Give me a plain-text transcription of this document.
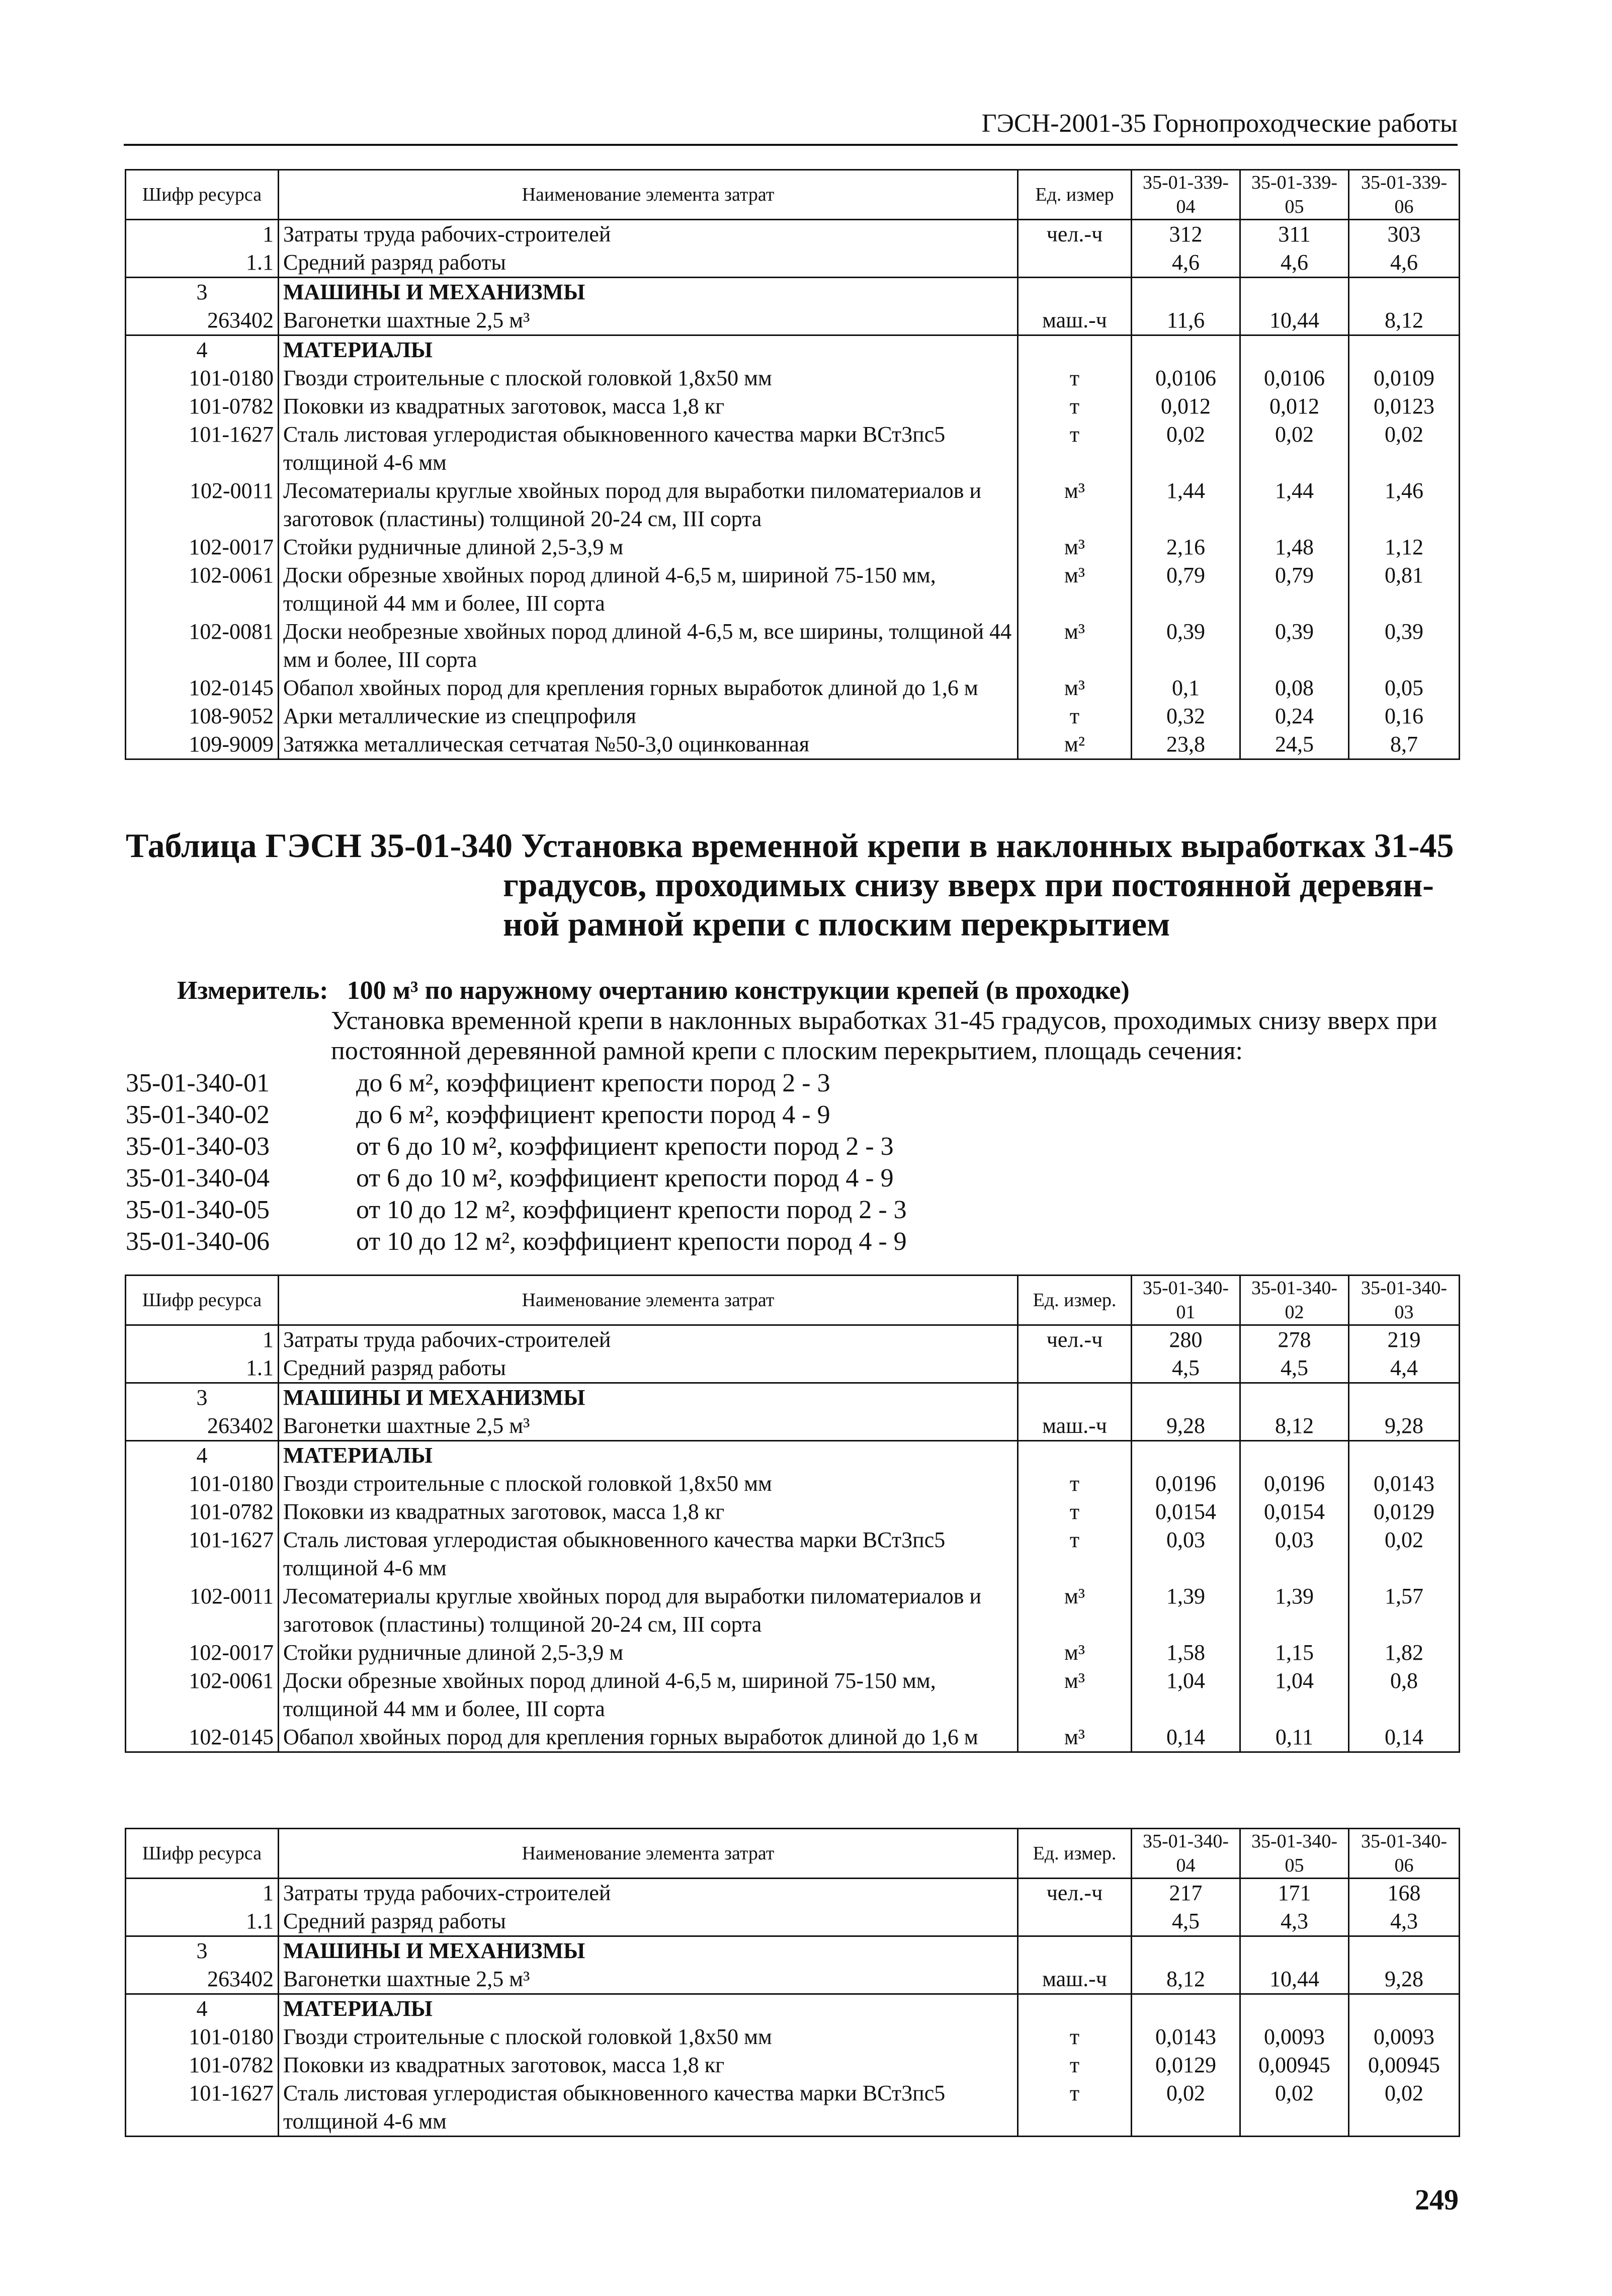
ГЭСН-2001-35 Горнопроходческие работы
Шифр ресурса	Наименование элемента затрат	Ед. измер	35-01-339-04	35-01-339-05	35-01-339-06
1	Затраты труда рабочих-строителей	чел.-ч	312	311	303
1.1	Средний разряд работы		4,6	4,6	4,6
3	МАШИНЫ И МЕХАНИЗМЫ				
263402	Вагонетки шахтные 2,5 м³	маш.-ч	11,6	10,44	8,12
4	МАТЕРИАЛЫ				
101-0180	Гвозди строительные с плоской головкой 1,8х50 мм	т	0,0106	0,0106	0,0109
101-0782	Поковки из квадратных заготовок, масса 1,8 кг	т	0,012	0,012	0,0123
101-1627	Сталь листовая углеродистая обыкновенного качества марки ВСт3пс5 толщиной 4-6 мм	т	0,02	0,02	0,02
102-0011	Лесоматериалы круглые хвойных пород для выработки пиломатериалов и заготовок (пластины) толщиной 20-24 см, III сорта	м³	1,44	1,44	1,46
102-0017	Стойки рудничные длиной 2,5-3,9 м	м³	2,16	1,48	1,12
102-0061	Доски обрезные хвойных пород длиной 4-6,5 м, шириной 75-150 мм, толщиной 44 мм и более, III сорта	м³	0,79	0,79	0,81
102-0081	Доски необрезные хвойных пород длиной 4-6,5 м, все ширины, толщиной 44 мм и более, III сорта	м³	0,39	0,39	0,39
102-0145	Обапол хвойных пород для крепления горных выработок длиной до 1,6 м	м³	0,1	0,08	0,05
108-9052	Арки металлические из спецпрофиля	т	0,32	0,24	0,16
109-9009	Затяжка металлическая сетчатая №50-3,0 оцинкованная	м²	23,8	24,5	8,7
Таблица ГЭСН 35-01-340 Установка временной крепи в наклонных выработках 31-45
градусов, проходимых снизу вверх при постоянной деревян-
ной рамной крепи с плоским перекрытием
Измеритель: 100 м³ по наружному очертанию конструкции крепей (в проходке)
Установка временной крепи в наклонных выработках 31-45 градусов, проходимых снизу вверх при постоянной деревянной рамной крепи с плоским перекрытием, площадь сечения:
35-01-340-01	до 6 м², коэффициент крепости пород 2 - 3
35-01-340-02	до 6 м², коэффициент крепости пород 4 - 9
35-01-340-03	от 6 до 10 м², коэффициент крепости пород 2 - 3
35-01-340-04	от 6 до 10 м², коэффициент крепости пород 4 - 9
35-01-340-05	от 10 до 12 м², коэффициент крепости пород 2 - 3
35-01-340-06	от 10 до 12 м², коэффициент крепости пород 4 - 9
Шифр ресурса	Наименование элемента затрат	Ед. измер.	35-01-340-01	35-01-340-02	35-01-340-03
1	Затраты труда рабочих-строителей	чел.-ч	280	278	219
1.1	Средний разряд работы		4,5	4,5	4,4
3	МАШИНЫ И МЕХАНИЗМЫ				
263402	Вагонетки шахтные 2,5 м³	маш.-ч	9,28	8,12	9,28
4	МАТЕРИАЛЫ				
101-0180	Гвозди строительные с плоской головкой 1,8х50 мм	т	0,0196	0,0196	0,0143
101-0782	Поковки из квадратных заготовок, масса 1,8 кг	т	0,0154	0,0154	0,0129
101-1627	Сталь листовая углеродистая обыкновенного качества марки ВСт3пс5 толщиной 4-6 мм	т	0,03	0,03	0,02
102-0011	Лесоматериалы круглые хвойных пород для выработки пиломатериалов и заготовок (пластины) толщиной 20-24 см, III сорта	м³	1,39	1,39	1,57
102-0017	Стойки рудничные длиной 2,5-3,9 м	м³	1,58	1,15	1,82
102-0061	Доски обрезные хвойных пород длиной 4-6,5 м, шириной 75-150 мм, толщиной 44 мм и более, III сорта	м³	1,04	1,04	0,8
102-0145	Обапол хвойных пород для крепления горных выработок длиной до 1,6 м	м³	0,14	0,11	0,14
Шифр ресурса	Наименование элемента затрат	Ед. измер.	35-01-340-04	35-01-340-05	35-01-340-06
1	Затраты труда рабочих-строителей	чел.-ч	217	171	168
1.1	Средний разряд работы		4,5	4,3	4,3
3	МАШИНЫ И МЕХАНИЗМЫ				
263402	Вагонетки шахтные 2,5 м³	маш.-ч	8,12	10,44	9,28
4	МАТЕРИАЛЫ				
101-0180	Гвозди строительные с плоской головкой 1,8х50 мм	т	0,0143	0,0093	0,0093
101-0782	Поковки из квадратных заготовок, масса 1,8 кг	т	0,0129	0,00945	0,00945
101-1627	Сталь листовая углеродистая обыкновенного качества марки ВСт3пс5 толщиной 4-6 мм	т	0,02	0,02	0,02
249
